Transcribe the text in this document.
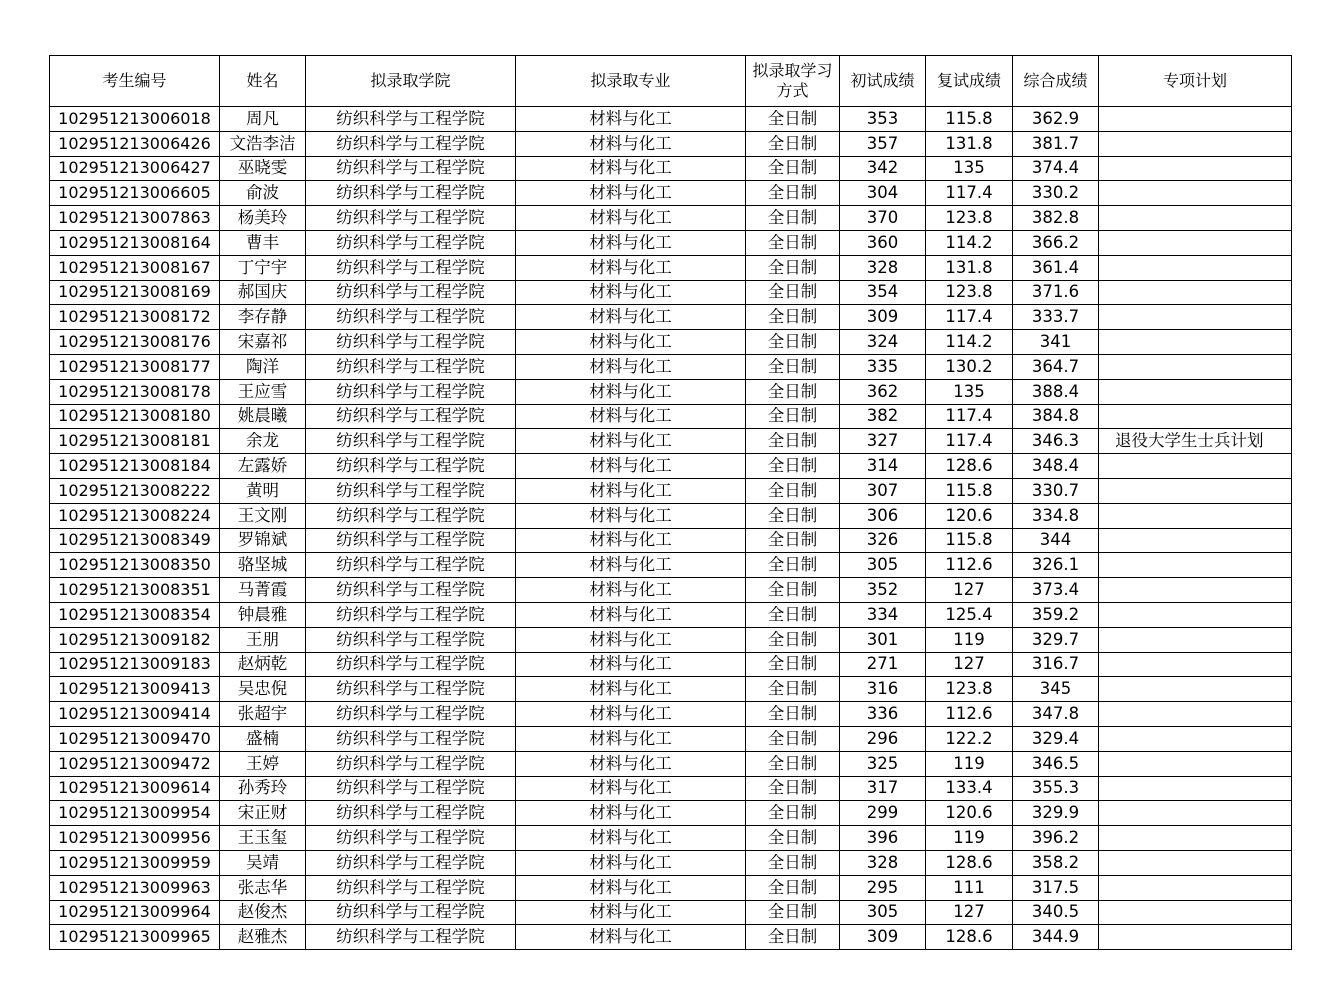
考生编号	姓名	拟录取学院	拟录取专业	拟录取学习方式	初试成绩	复试成绩	综合成绩	专项计划
102951213006018	周凡	纺织科学与工程学院	材料与化工	全日制	353	115.8	362.9	
102951213006426	文浩李洁	纺织科学与工程学院	材料与化工	全日制	357	131.8	381.7	
102951213006427	巫晓雯	纺织科学与工程学院	材料与化工	全日制	342	135	374.4	
102951213006605	俞波	纺织科学与工程学院	材料与化工	全日制	304	117.4	330.2	
102951213007863	杨美玲	纺织科学与工程学院	材料与化工	全日制	370	123.8	382.8	
102951213008164	曹丰	纺织科学与工程学院	材料与化工	全日制	360	114.2	366.2	
102951213008167	丁宁宇	纺织科学与工程学院	材料与化工	全日制	328	131.8	361.4	
102951213008169	郝国庆	纺织科学与工程学院	材料与化工	全日制	354	123.8	371.6	
102951213008172	李存静	纺织科学与工程学院	材料与化工	全日制	309	117.4	333.7	
102951213008176	宋嘉祁	纺织科学与工程学院	材料与化工	全日制	324	114.2	341	
102951213008177	陶洋	纺织科学与工程学院	材料与化工	全日制	335	130.2	364.7	
102951213008178	王应雪	纺织科学与工程学院	材料与化工	全日制	362	135	388.4	
102951213008180	姚晨曦	纺织科学与工程学院	材料与化工	全日制	382	117.4	384.8	
102951213008181	余龙	纺织科学与工程学院	材料与化工	全日制	327	117.4	346.3	退役大学生士兵计划
102951213008184	左露娇	纺织科学与工程学院	材料与化工	全日制	314	128.6	348.4	
102951213008222	黄明	纺织科学与工程学院	材料与化工	全日制	307	115.8	330.7	
102951213008224	王文刚	纺织科学与工程学院	材料与化工	全日制	306	120.6	334.8	
102951213008349	罗锦斌	纺织科学与工程学院	材料与化工	全日制	326	115.8	344	
102951213008350	骆坚城	纺织科学与工程学院	材料与化工	全日制	305	112.6	326.1	
102951213008351	马菁霞	纺织科学与工程学院	材料与化工	全日制	352	127	373.4	
102951213008354	钟晨雅	纺织科学与工程学院	材料与化工	全日制	334	125.4	359.2	
102951213009182	王朋	纺织科学与工程学院	材料与化工	全日制	301	119	329.7	
102951213009183	赵炳乾	纺织科学与工程学院	材料与化工	全日制	271	127	316.7	
102951213009413	吴忠倪	纺织科学与工程学院	材料与化工	全日制	316	123.8	345	
102951213009414	张超宇	纺织科学与工程学院	材料与化工	全日制	336	112.6	347.8	
102951213009470	盛楠	纺织科学与工程学院	材料与化工	全日制	296	122.2	329.4	
102951213009472	王婷	纺织科学与工程学院	材料与化工	全日制	325	119	346.5	
102951213009614	孙秀玲	纺织科学与工程学院	材料与化工	全日制	317	133.4	355.3	
102951213009954	宋正财	纺织科学与工程学院	材料与化工	全日制	299	120.6	329.9	
102951213009956	王玉玺	纺织科学与工程学院	材料与化工	全日制	396	119	396.2	
102951213009959	吴靖	纺织科学与工程学院	材料与化工	全日制	328	128.6	358.2	
102951213009963	张志华	纺织科学与工程学院	材料与化工	全日制	295	111	317.5	
102951213009964	赵俊杰	纺织科学与工程学院	材料与化工	全日制	305	127	340.5	
102951213009965	赵雅杰	纺织科学与工程学院	材料与化工	全日制	309	128.6	344.9	
